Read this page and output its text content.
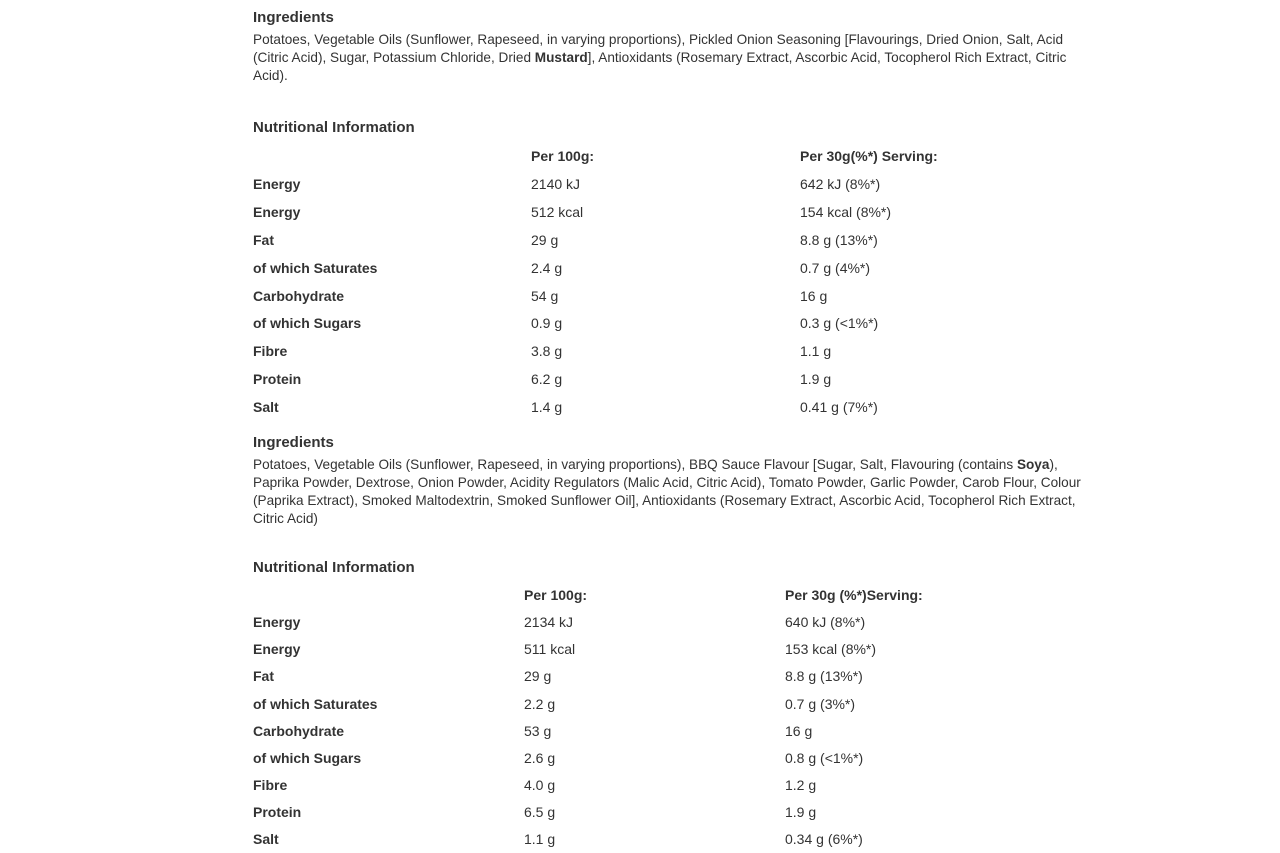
Ingredients
Potatoes, Vegetable Oils (Sunflower, Rapeseed, in varying proportions), Pickled Onion Seasoning [Flavourings, Dried Onion, Salt, Acid (Citric Acid), Sugar, Potassium Chloride, Dried Mustard], Antioxidants (Rosemary Extract, Ascorbic Acid, Tocopherol Rich Extract, Citric Acid).
Nutritional Information
Per 100g:	Per 30g(%*) Serving:
Energy	2140 kJ	642 kJ (8%*)
Energy	512 kcal	154 kcal (8%*)
Fat	29 g	8.8 g (13%*)
of which Saturates	2.4 g	0.7 g (4%*)
Carbohydrate	54 g	16 g
of which Sugars	0.9 g	0.3 g (<1%*)
Fibre	3.8 g	1.1 g
Protein	6.2 g	1.9 g
Salt	1.4 g	0.41 g (7%*)
Ingredients
Potatoes, Vegetable Oils (Sunflower, Rapeseed, in varying proportions), BBQ Sauce Flavour [Sugar, Salt, Flavouring (contains Soya), Paprika Powder, Dextrose, Onion Powder, Acidity Regulators (Malic Acid, Citric Acid), Tomato Powder, Garlic Powder, Carob Flour, Colour (Paprika Extract), Smoked Maltodextrin, Smoked Sunflower Oil], Antioxidants (Rosemary Extract, Ascorbic Acid, Tocopherol Rich Extract, Citric Acid)
Nutritional Information
Per 100g:	Per 30g (%*)Serving:
Energy	2134 kJ	640 kJ (8%*)
Energy	511 kcal	153 kcal (8%*)
Fat	29 g	8.8 g (13%*)
of which Saturates	2.2 g	0.7 g (3%*)
Carbohydrate	53 g	16 g
of which Sugars	2.6 g	0.8 g (<1%*)
Fibre	4.0 g	1.2 g
Protein	6.5 g	1.9 g
Salt	1.1 g	0.34 g (6%*)
